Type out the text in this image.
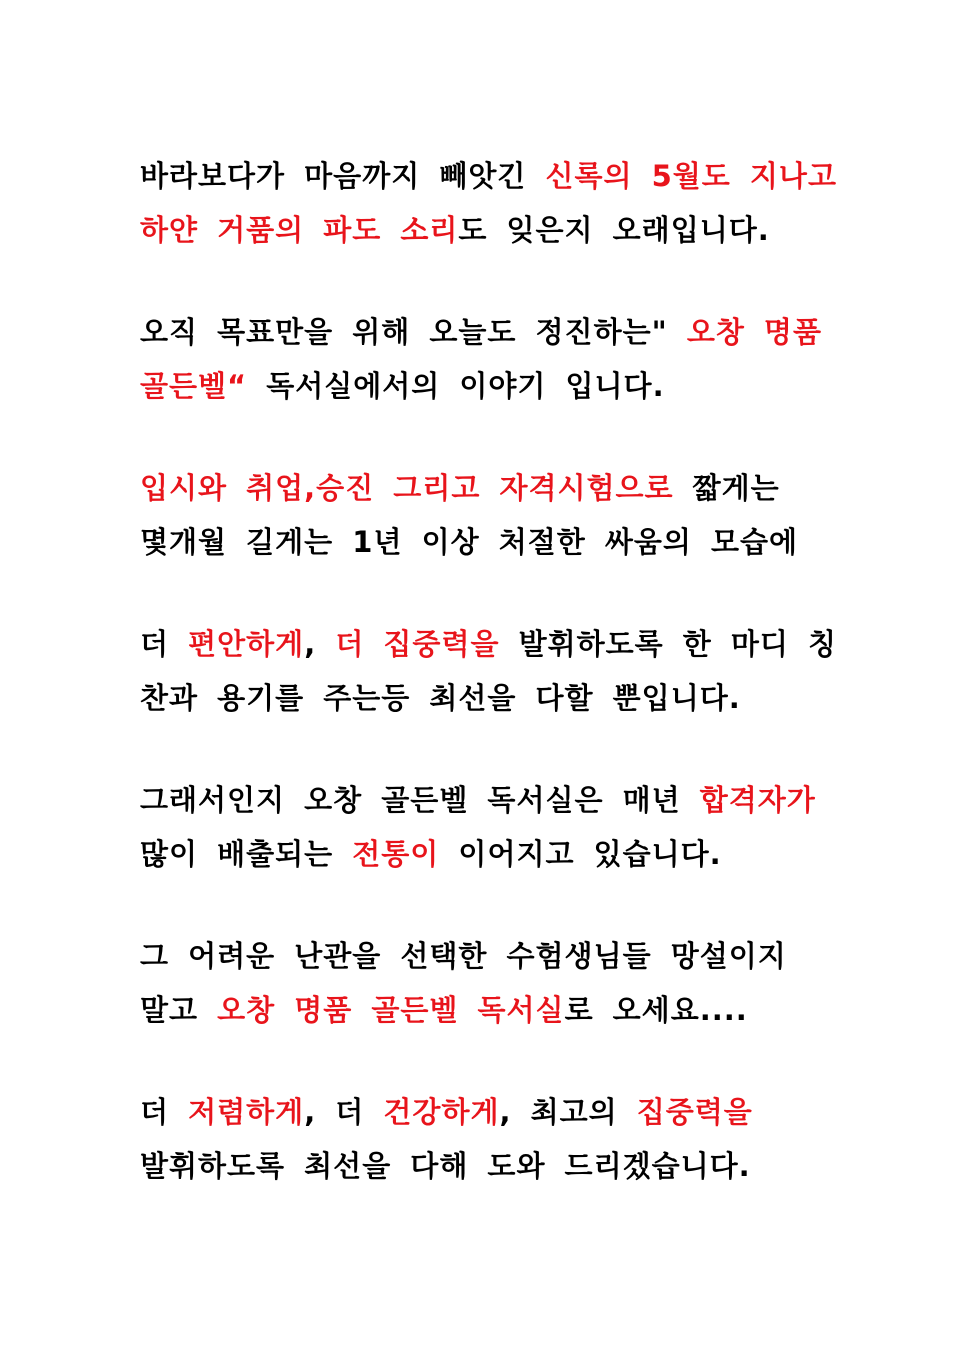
바라보다가 마음까지 빼앗긴 신록의 5월도 지나고
하얀 거품의 파도 소리도 잊은지 오래입니다.
오직 목표만을 위해 오늘도 정진하는" 오창 명품
골든벨“ 독서실에서의 이야기 입니다.
입시와 취업,승진 그리고 자격시험으로 짧게는
몇개월 길게는 1년 이상 처절한 싸움의 모습에
더 편안하게, 더 집중력을 발휘하도록 한 마디 칭
찬과 용기를 주는등 최선을 다할 뿐입니다.
그래서인지 오창 골든벨 독서실은 매년 합격자가
많이 배출되는 전통이 이어지고 있습니다.
그 어려운 난관을 선택한 수험생님들 망설이지
말고 오창 명품 골든벨 독서실로 오세요....
더 저렴하게, 더 건강하게, 최고의 집중력을
발휘하도록 최선을 다해 도와 드리겠습니다.
